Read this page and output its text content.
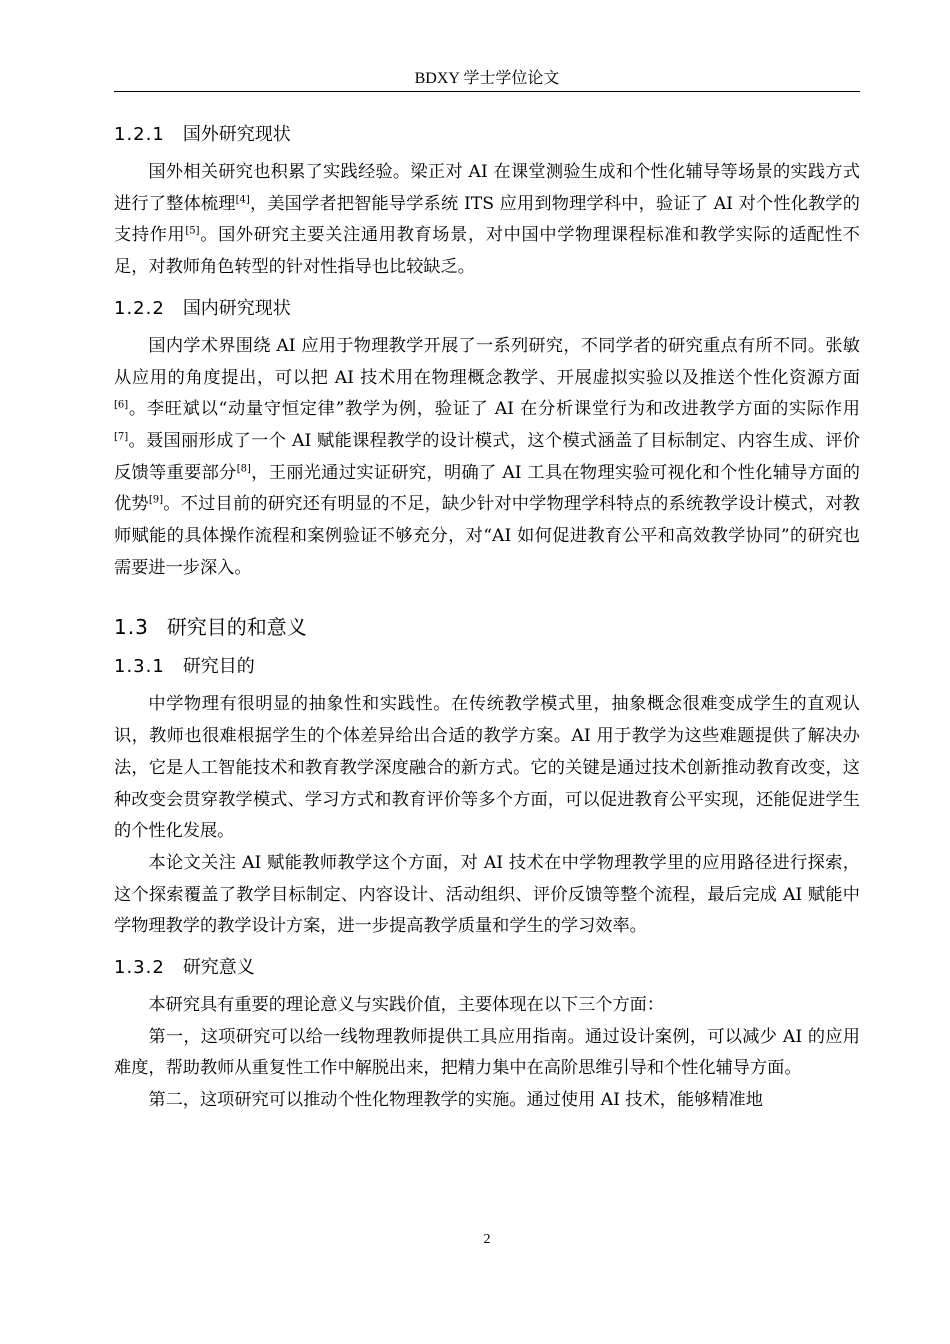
BDXY 学士学位论文
1.2.1 国外研究现状

国外相关研究也积累了实践经验。梁正对 AI 在课堂测验生成和个性化辅导等场景的实践方式进行了整体梳理[4]，美国学者把智能导学系统 ITS 应用到物理学科中，验证了 AI 对个性化教学的支持作用[5]。国外研究主要关注通用教育场景，对中国中学物理课程标准和教学实际的适配性不足，对教师角色转型的针对性指导也比较缺乏。

1.2.2 国内研究现状

国内学术界围绕 AI 应用于物理教学开展了一系列研究，不同学者的研究重点有所不同。张敏从应用的角度提出，可以把 AI 技术用在物理概念教学、开展虚拟实验以及推送个性化资源方面[6]。李旺斌以“动量守恒定律”教学为例，验证了 AI 在分析课堂行为和改进教学方面的实际作用[7]。聂国丽形成了一个 AI 赋能课程教学的设计模式，这个模式涵盖了目标制定、内容生成、评价反馈等重要部分[8]，王丽光通过实证研究，明确了 AI 工具在物理实验可视化和个性化辅导方面的优势[9]。不过目前的研究还有明显的不足，缺少针对中学物理学科特点的系统教学设计模式，对教师赋能的具体操作流程和案例验证不够充分，对“AI 如何促进教育公平和高效教学协同”的研究也需要进一步深入。

1.3 研究目的和意义
1.3.1 研究目的

中学物理有很明显的抽象性和实践性。在传统教学模式里，抽象概念很难变成学生的直观认识，教师也很难根据学生的个体差异给出合适的教学方案。AI 用于教学为这些难题提供了解决办法，它是人工智能技术和教育教学深度融合的新方式。它的关键是通过技术创新推动教育改变，这种改变会贯穿教学模式、学习方式和教育评价等多个方面，可以促进教育公平实现，还能促进学生的个性化发展。

本论文关注 AI 赋能教师教学这个方面，对 AI 技术在中学物理教学里的应用路径进行探索，这个探索覆盖了教学目标制定、内容设计、活动组织、评价反馈等整个流程，最后完成 AI 赋能中学物理教学的教学设计方案，进一步提高教学质量和学生的学习效率。

1.3.2 研究意义

本研究具有重要的理论意义与实践价值，主要体现在以下三个方面：

第一，这项研究可以给一线物理教师提供工具应用指南。通过设计案例，可以减少 AI 的应用难度，帮助教师从重复性工作中解脱出来，把精力集中在高阶思维引导和个性化辅导方面。

第二，这项研究可以推动个性化物理教学的实施。通过使用 AI 技术，能够精准地

2
